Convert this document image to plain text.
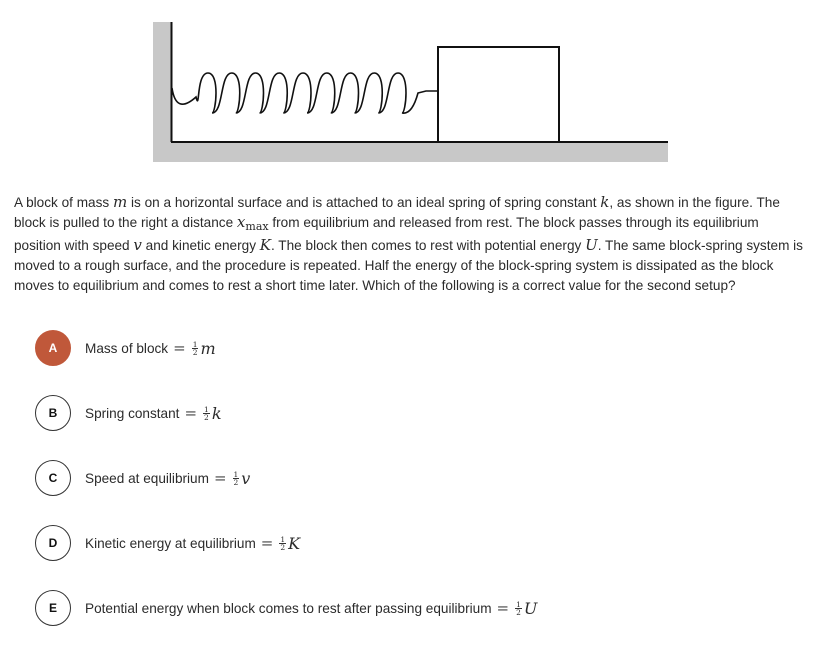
A block of mass m is on a horizontal surface and is attached to an ideal spring of spring constant k, as shown in the figure. The block is pulled to the right a distance $x_{max}$ from equilibrium and released from rest. The block passes through its equilibrium position with speed v and kinetic energy K. The block then comes to rest with potential energy U. The same block-spring system is moved to a rough surface, and the procedure is repeated. Half the energy of the block-spring system is dissipated as the block moves to equilibrium and comes to rest a short time later. Which of the following is a correct value for the second setup?
A	Mass of block = $\frac{1}{2}$ m
B	Spring constant = $\frac{1}{2}$ k
C	Speed at equilibrium = $\frac{1}{2}$ v
D	Kinetic energy at equilibrium = $\frac{1}{2}$ K
E	Potential energy when block comes to rest after passing equilibrium = $\frac{1}{2}$ U
